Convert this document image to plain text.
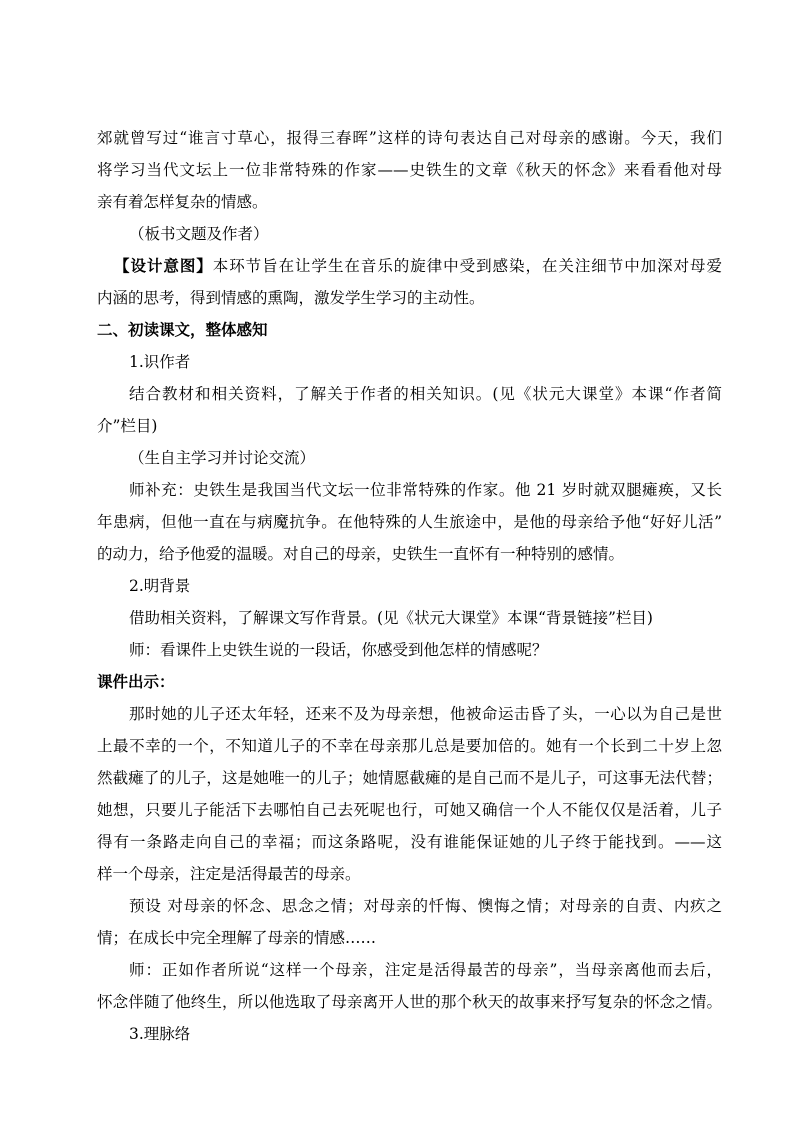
郊就曾写过“谁言寸草心，报得三春晖”这样的诗句表达自己对母亲的感谢。今天，我们
将学习当代文坛上一位非常特殊的作家——史铁生的文章《秋天的怀念》来看看他对母
亲有着怎样复杂的情感。
（板书文题及作者）
【设计意图】本环节旨在让学生在音乐的旋律中受到感染，在关注细节中加深对母爱
内涵的思考，得到情感的熏陶，激发学生学习的主动性。
二、初读课文，整体感知
1.识作者
结合教材和相关资料，了解关于作者的相关知识。(见《状元大课堂》本课“作者简
介”栏目)
（生自主学习并讨论交流）
师补充：史铁生是我国当代文坛一位非常特殊的作家。他 21 岁时就双腿瘫痪，又长
年患病，但他一直在与病魔抗争。在他特殊的人生旅途中，是他的母亲给予他“好好儿活”
的动力，给予他爱的温暖。对自己的母亲，史铁生一直怀有一种特别的感情。
2.明背景
借助相关资料，了解课文写作背景。(见《状元大课堂》本课“背景链接”栏目)
师：看课件上史铁生说的一段话，你感受到他怎样的情感呢？
课件出示：
那时她的儿子还太年轻，还来不及为母亲想，他被命运击昏了头，一心以为自己是世
上最不幸的一个，不知道儿子的不幸在母亲那儿总是要加倍的。她有一个长到二十岁上忽
然截瘫了的儿子，这是她唯一的儿子；她情愿截瘫的是自己而不是儿子，可这事无法代替；
她想，只要儿子能活下去哪怕自己去死呢也行，可她又确信一个人不能仅仅是活着，儿子
得有一条路走向自己的幸福；而这条路呢，没有谁能保证她的儿子终于能找到。——这
样一个母亲，注定是活得最苦的母亲。
预设 对母亲的怀念、思念之情；对母亲的忏悔、懊悔之情；对母亲的自责、内疚之
情；在成长中完全理解了母亲的情感……
师：正如作者所说“这样一个母亲，注定是活得最苦的母亲”，当母亲离他而去后，
怀念伴随了他终生，所以他选取了母亲离开人世的那个秋天的故事来抒写复杂的怀念之情。
3.理脉络
